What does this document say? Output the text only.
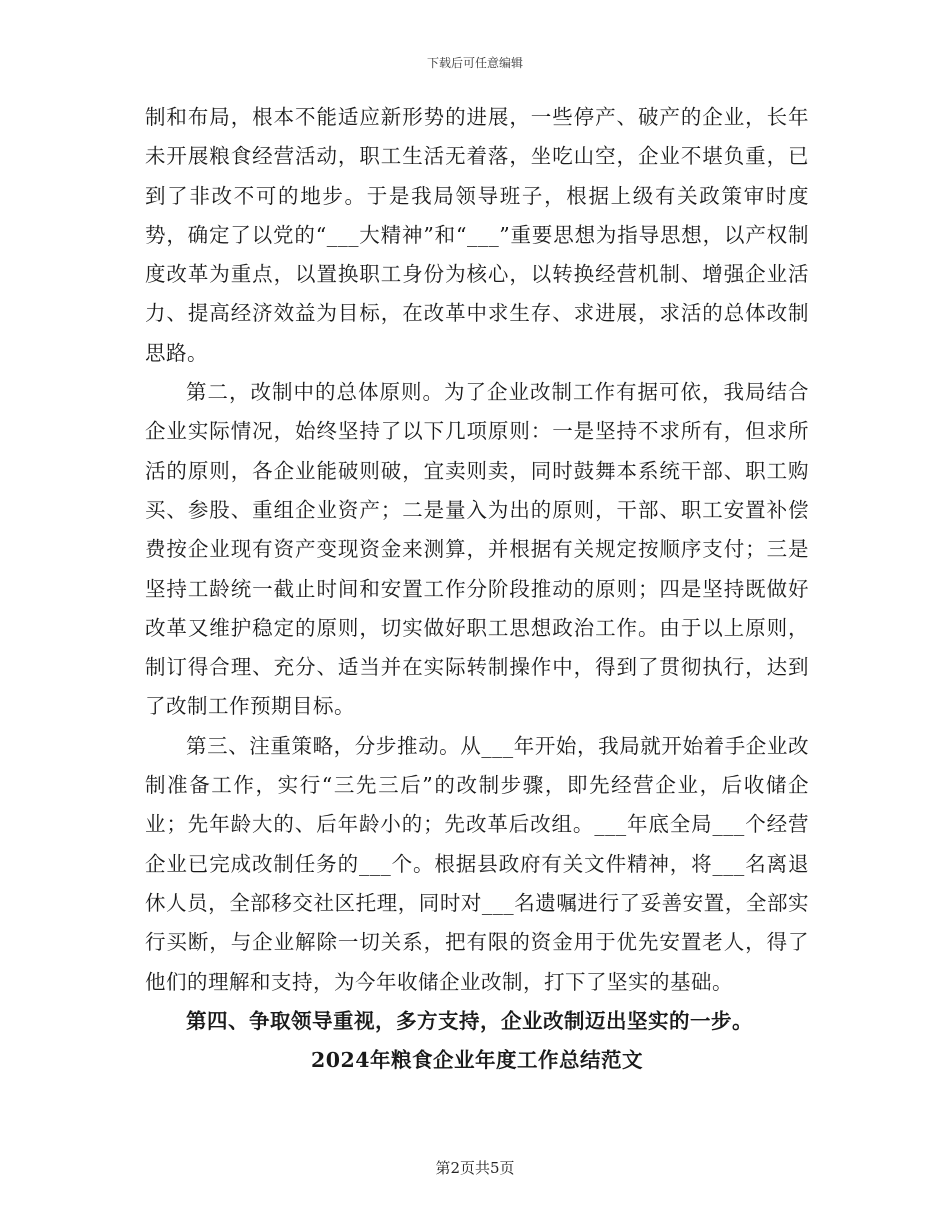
下载后可任意编辑

制和布局，根本不能适应新形势的进展，一些停产、破产的企业，长年未开展粮食经营活动，职工生活无着落，坐吃山空，企业不堪负重，已到了非改不可的地步。于是我局领导班子，根据上级有关政策审时度势，确定了以党的“___大精神”和“___”重要思想为指导思想，以产权制度改革为重点，以置换职工身份为核心，以转换经营机制、增强企业活力、提高经济效益为目标，在改革中求生存、求进展，求活的总体改制思路。

第二，改制中的总体原则。为了企业改制工作有据可依，我局结合企业实际情况，始终坚持了以下几项原则：一是坚持不求所有，但求所活的原则，各企业能破则破，宜卖则卖，同时鼓舞本系统干部、职工购买、参股、重组企业资产；二是量入为出的原则，干部、职工安置补偿费按企业现有资产变现资金来测算，并根据有关规定按顺序支付；三是坚持工龄统一截止时间和安置工作分阶段推动的原则；四是坚持既做好改革又维护稳定的原则，切实做好职工思想政治工作。由于以上原则，制订得合理、充分、适当并在实际转制操作中，得到了贯彻执行，达到了改制工作预期目标。

第三、注重策略，分步推动。从___年开始，我局就开始着手企业改制准备工作，实行“三先三后”的改制步骤，即先经营企业，后收储企业；先年龄大的、后年龄小的；先改革后改组。___年底全局___个经营企业已完成改制任务的___个。根据县政府有关文件精神，将___名离退休人员，全部移交社区托理，同时对___名遗嘱进行了妥善安置，全部实行买断，与企业解除一切关系，把有限的资金用于优先安置老人，得了他们的理解和支持，为今年收储企业改制，打下了坚实的基础。

第四、争取领导重视，多方支持，企业改制迈出坚实的一步。

2024年粮食企业年度工作总结范文

第2页共5页
